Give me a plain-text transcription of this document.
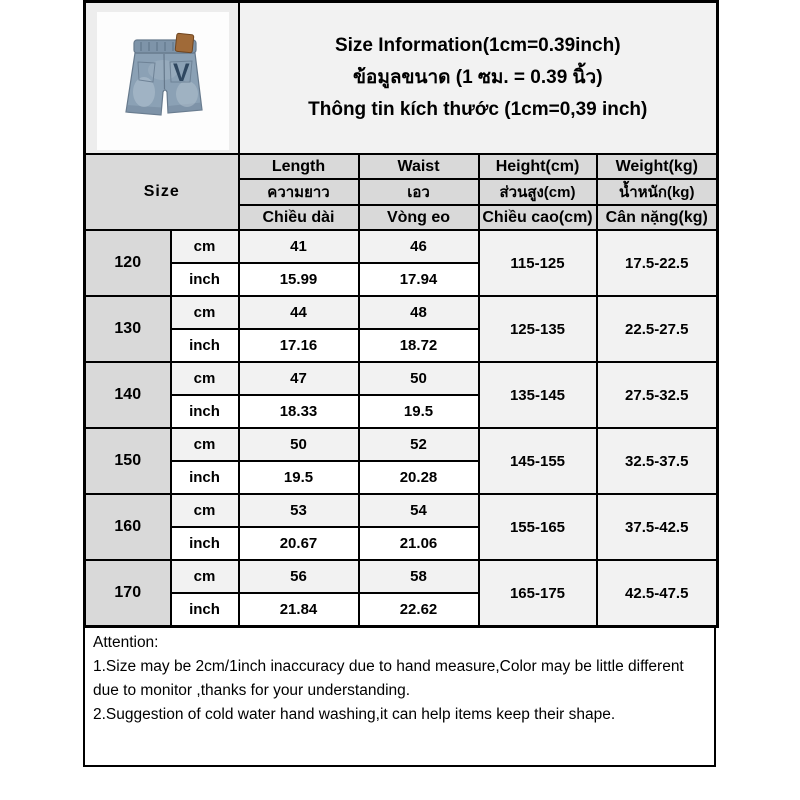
V		Size Information(1cm=0.39inch)
ข้อมูลขนาด (1 ซม. = 0.39 นิ้ว)
Thông tin kích thước (1cm=0,39 inch)			

Size		Length	Waist	Height(cm)	Weight(kg)
		ความยาว	เอว	ส่วนสูง(cm)	น้ำหนัก(kg)
		Chiều dài	Vòng eo	Chiều cao(cm)	Cân nặng(kg)
120	cm	41	46	115-125	17.5-22.5
	inch	15.99	17.94		
130	cm	44	48	125-135	22.5-27.5
	inch	17.16	18.72		
140	cm	47	50	135-145	27.5-32.5
	inch	18.33	19.5		
150	cm	50	52	145-155	32.5-37.5
	inch	19.5	20.28		
160	cm	53	54	155-165	37.5-42.5
	inch	20.67	21.06		
170	cm	56	58	165-175	42.5-47.5
	inch	21.84	22.62		
Attention:
1.Size may be 2cm/1inch inaccuracy due to hand measure,Color may be little different due to monitor ,thanks for your understanding.
2.Suggestion of cold water hand washing,it can help items keep their shape.
